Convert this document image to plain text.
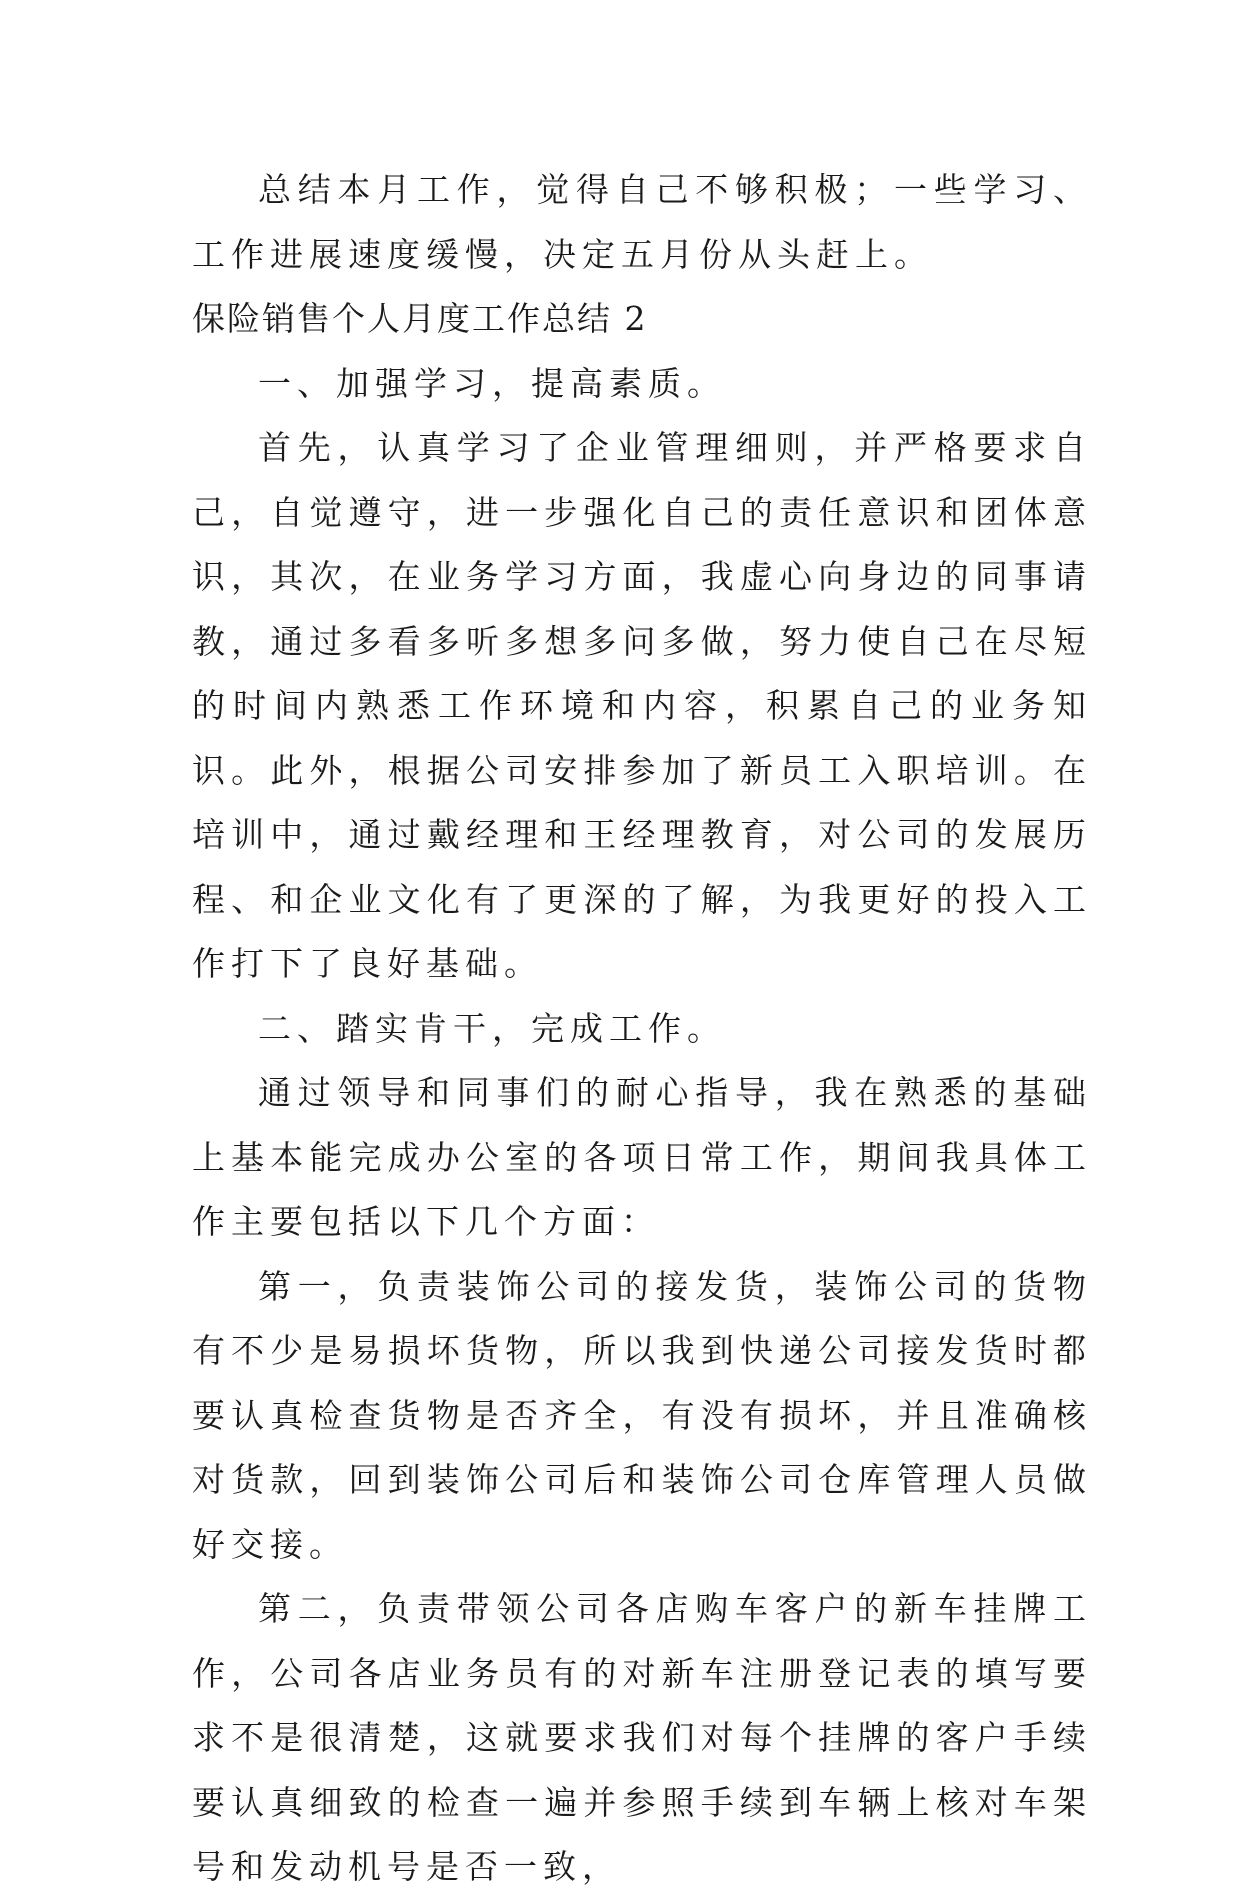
总结本月工作，觉得自己不够积极；一些学习、工作进展速度缓慢，决定五月份从头赶上。

保险销售个人月度工作总结 2

一、加强学习，提高素质。

首先，认真学习了企业管理细则，并严格要求自己，自觉遵守，进一步强化自己的责任意识和团体意识，其次，在业务学习方面，我虚心向身边的同事请教，通过多看多听多想多问多做，努力使自己在尽短的时间内熟悉工作环境和内容，积累自己的业务知识。此外，根据公司安排参加了新员工入职培训。在培训中，通过戴经理和王经理教育，对公司的发展历程、和企业文化有了更深的了解，为我更好的投入工作打下了良好基础。

二、踏实肯干，完成工作。

通过领导和同事们的耐心指导，我在熟悉的基础上基本能完成办公室的各项日常工作，期间我具体工作主要包括以下几个方面：

第一，负责装饰公司的接发货，装饰公司的货物有不少是易损坏货物，所以我到快递公司接发货时都要认真检查货物是否齐全，有没有损坏，并且准确核对货款，回到装饰公司后和装饰公司仓库管理人员做好交接。

第二，负责带领公司各店购车客户的新车挂牌工作，公司各店业务员有的对新车注册登记表的填写要求不是很清楚，这就要求我们对每个挂牌的客户手续要认真细致的检查一遍并参照手续到车辆上核对车架号和发动机号是否一致，
